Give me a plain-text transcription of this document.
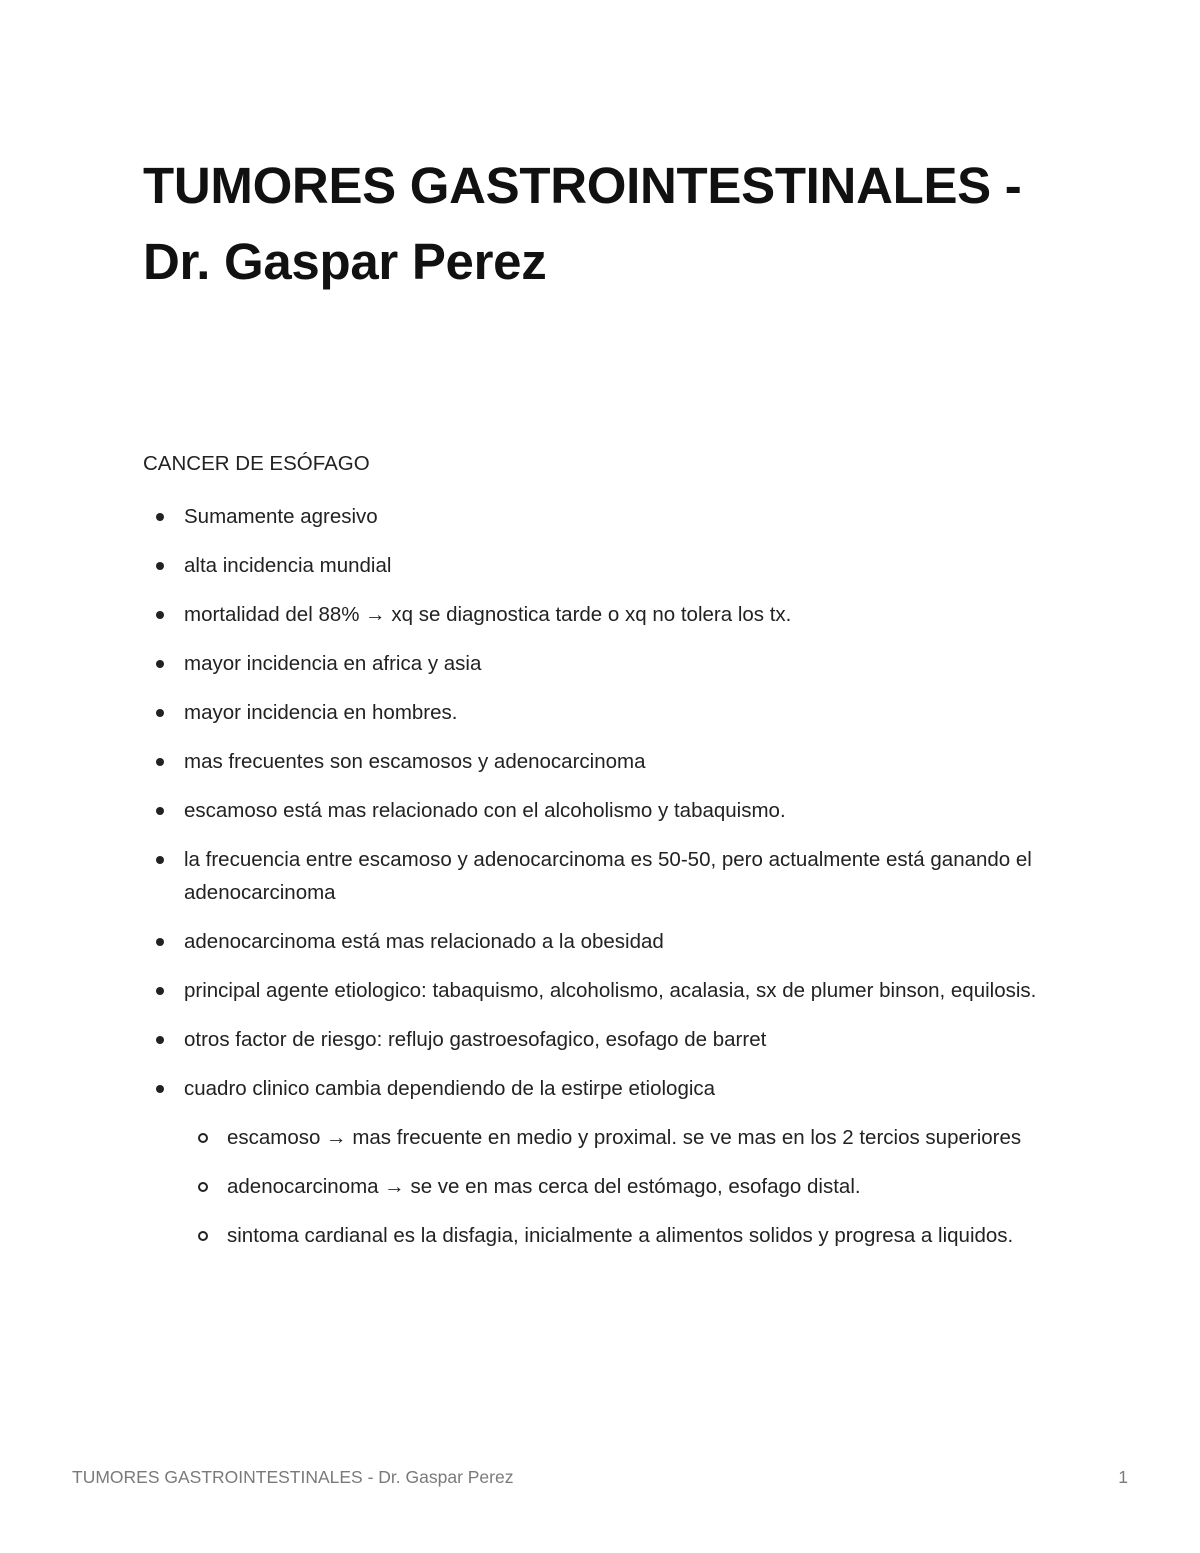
TUMORES GASTROINTESTINALES - Dr. Gaspar Perez
CANCER DE ESÓFAGO
Sumamente agresivo
alta incidencia mundial
mortalidad del 88% → xq se diagnostica tarde o xq no tolera los tx.
mayor incidencia en africa y asia
mayor incidencia en hombres.
mas frecuentes son escamosos y adenocarcinoma
escamoso está mas relacionado con el alcoholismo y tabaquismo.
la frecuencia entre escamoso y adenocarcinoma es 50-50, pero actualmente está ganando el adenocarcinoma
adenocarcinoma está mas relacionado a la obesidad
principal agente etiologico: tabaquismo, alcoholismo, acalasia, sx de plumer binson, equilosis.
otros factor de riesgo: reflujo gastroesofagico, esofago de barret
cuadro clinico cambia dependiendo de la estirpe etiologica
escamoso → mas frecuente en medio y proximal. se ve mas en los 2 tercios superiores
adenocarcinoma → se ve en mas cerca del estómago, esofago distal.
sintoma cardianal es la disfagia, inicialmente a alimentos solidos y progresa a liquidos.
TUMORES GASTROINTESTINALES - Dr. Gaspar Perez	1
